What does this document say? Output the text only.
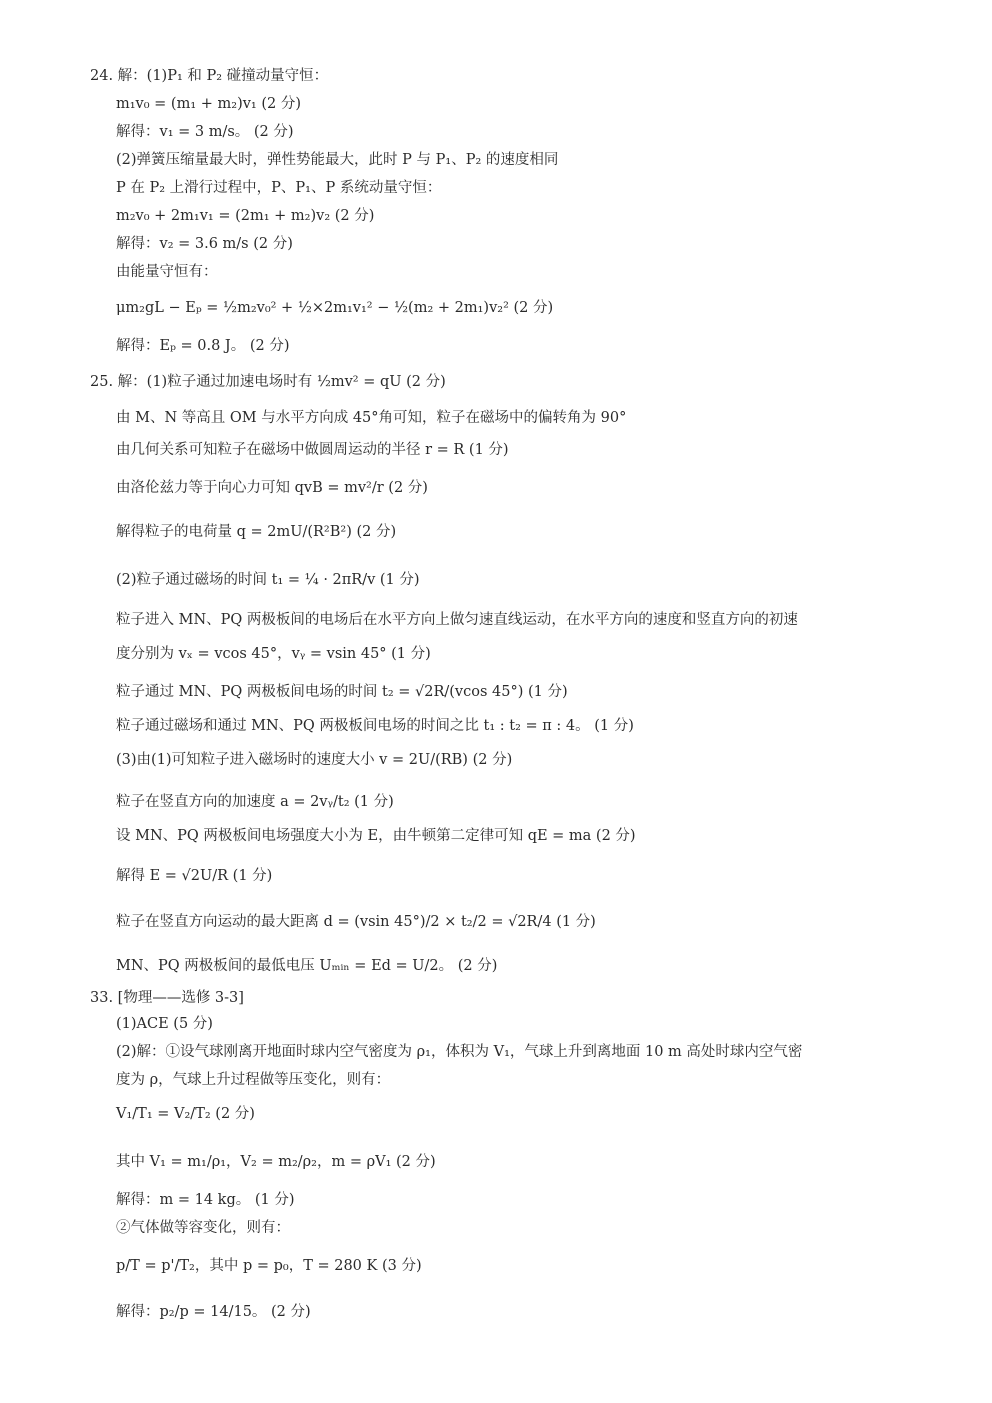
24. 解：(1)P₁ 和 P₂ 碰撞动量守恒：
m₁v₀ = (m₁ + m₂)v₁ (2 分)
解得：v₁ = 3 m/s。 (2 分)
(2)弹簧压缩量最大时，弹性势能最大，此时 P 与 P₁、P₂ 的速度相同
P 在 P₂ 上滑行过程中，P、P₁、P 系统动量守恒：
m₂v₀ + 2m₁v₁ = (2m₁ + m₂)v₂ (2 分)
解得：v₂ = 3.6 m/s (2 分)
由能量守恒有：
μm₂gL − Eₚ = ½m₂v₀² + ½×2m₁v₁² − ½(m₂ + 2m₁)v₂² (2 分)
解得：Eₚ = 0.8 J。 (2 分)
25. 解：(1)粒子通过加速电场时有 ½mv² = qU (2 分)
由 M、N 等高且 OM 与水平方向成 45°角可知，粒子在磁场中的偏转角为 90°
由几何关系可知粒子在磁场中做圆周运动的半径 r = R (1 分)
由洛伦兹力等于向心力可知 qvB = mv²/r (2 分)
解得粒子的电荷量 q = 2mU/(R²B²) (2 分)
(2)粒子通过磁场的时间 t₁ = ¼ · 2πR/v (1 分)
粒子进入 MN、PQ 两极板间的电场后在水平方向上做匀速直线运动，在水平方向的速度和竖直方向的初速
度分别为 vₓ = vcos 45°，vᵧ = vsin 45° (1 分)
粒子通过 MN、PQ 两极板间电场的时间 t₂ = √2R/(vcos 45°) (1 分)
粒子通过磁场和通过 MN、PQ 两极板间电场的时间之比 t₁ : t₂ = π : 4。 (1 分)
(3)由(1)可知粒子进入磁场时的速度大小 v = 2U/(RB) (2 分)
粒子在竖直方向的加速度 a = 2vᵧ/t₂ (1 分)
设 MN、PQ 两极板间电场强度大小为 E，由牛顿第二定律可知 qE = ma (2 分)
解得 E = √2U/R (1 分)
粒子在竖直方向运动的最大距离 d = (vsin 45°)/2 × t₂/2 = √2R/4 (1 分)
MN、PQ 两极板间的最低电压 Uₘᵢₙ = Ed = U/2。 (2 分)
33. [物理——选修 3-3]
(1)ACE (5 分)
(2)解：①设气球刚离开地面时球内空气密度为 ρ₁，体积为 V₁，气球上升到离地面 10 m 高处时球内空气密
度为 ρ，气球上升过程做等压变化，则有：
V₁/T₁ = V₂/T₂ (2 分)
其中 V₁ = m₁/ρ₁，V₂ = m₂/ρ₂，m = ρV₁ (2 分)
解得：m = 14 kg。 (1 分)
②气体做等容变化，则有：
p/T = p'/T₂，其中 p = p₀，T = 280 K (3 分)
解得：p₂/p = 14/15。 (2 分)
